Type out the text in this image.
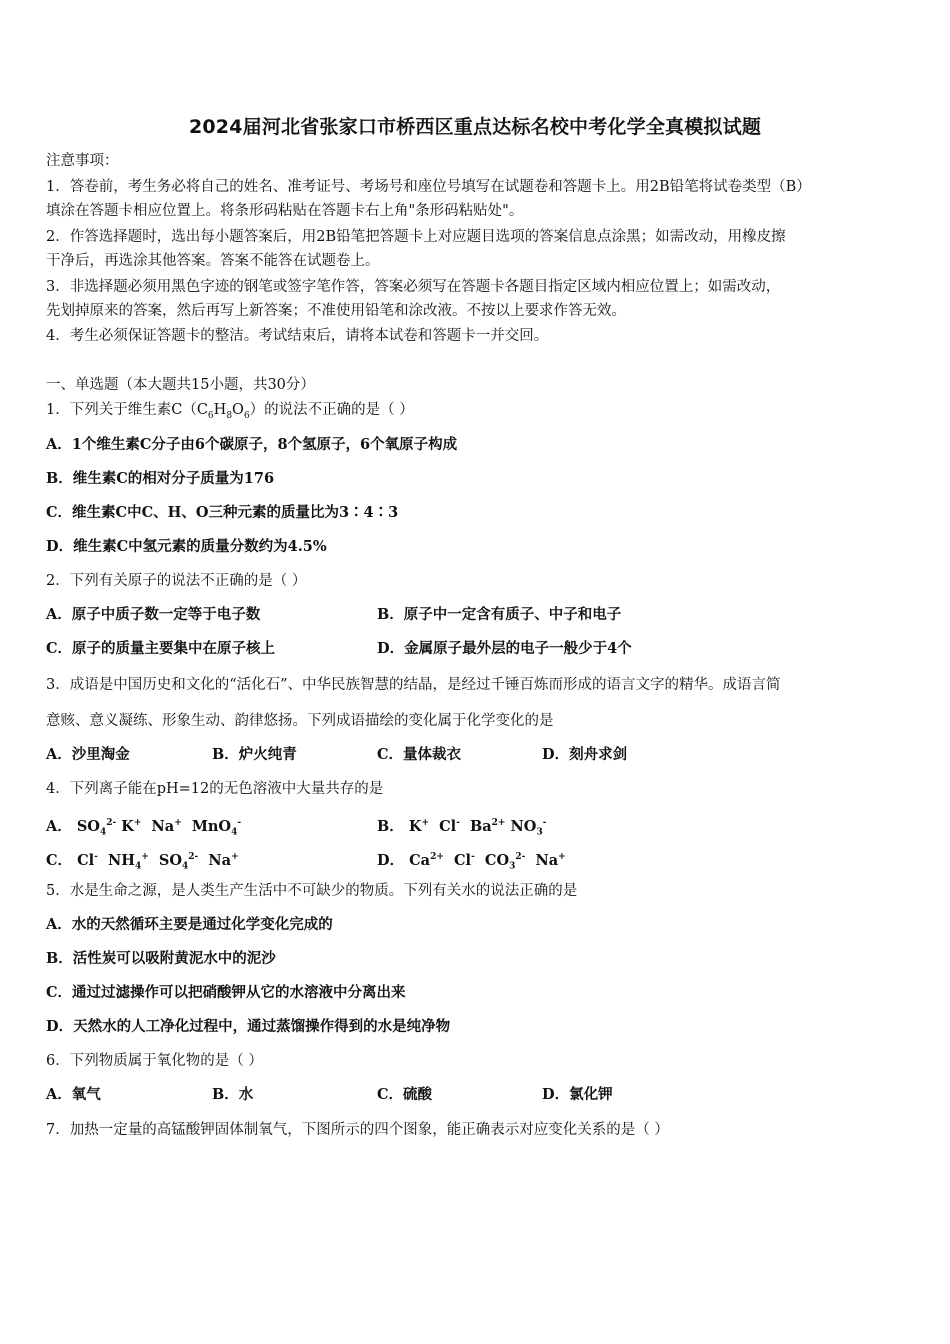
2024届河北省张家口市桥西区重点达标名校中考化学全真模拟试题
注意事项：
1．答卷前，考生务必将自己的姓名、准考证号、考场号和座位号填写在试题卷和答题卡上。用2B铅笔将试卷类型（B）
填涂在答题卡相应位置上。将条形码粘贴在答题卡右上角"条形码粘贴处"。
2．作答选择题时，选出每小题答案后，用2B铅笔把答题卡上对应题目选项的答案信息点涂黑；如需改动，用橡皮擦
干净后，再选涂其他答案。答案不能答在试题卷上。
3．非选择题必须用黑色字迹的钢笔或签字笔作答，答案必须写在答题卡各题目指定区域内相应位置上；如需改动，
先划掉原来的答案，然后再写上新答案；不准使用铅笔和涂改液。不按以上要求作答无效。
4．考生必须保证答题卡的整洁。考试结束后，请将本试卷和答题卡一并交回。
一、单选题（本大题共15小题，共30分）
1．下列关于维生素$C(C_6H_8O_6)$的说法不正确的是（ ）
A．1个维生素C分子由6个碳原子，8个氢原子，6个氧原子构成
B．维生素C的相对分子质量为176
C．维生素C中C、H、O三种元素的质量比为3∶4∶3
D．维生素C中氢元素的质量分数约为4.5%
2．下列有关原子的说法不正确的是（ ）
A．原子中质子数一定等于电子数	B．原子中一定含有质子、中子和电子
C．原子的质量主要集中在原子核上	D．金属原子最外层的电子一般少于4个
3．成语是中国历史和文化的“活化石”、中华民族智慧的结晶，是经过千锤百炼而形成的语言文字的精华。成语言简
意赅、意义凝练、形象生动、韵律悠扬。下列成语描绘的变化属于化学变化的是
A．沙里淘金	B．炉火纯青	C．量体裁衣	D．刻舟求剑
4．下列离子能在pH=12的无色溶液中大量共存的是
A． $SO_4^{2-}$ K+ Na+ MnO$_4$-	B． K+ Cl- $Ba^{2+}$ $NO_3^-$
C． Cl- $NH_4^+$ $SO_4^{2-}$ Na+	D． $Ca^{2+}$ Cl- $CO_3^{2-}$ Na+
5．水是生命之源，是人类生产生活中不可缺少的物质。下列有关水的说法正确的是
A．水的天然循环主要是通过化学变化完成的
B．活性炭可以吸附黄泥水中的泥沙
C．通过过滤操作可以把硝酸钾从它的水溶液中分离出来
D．天然水的人工净化过程中，通过蒸馏操作得到的水是纯净物
6．下列物质属于氧化物的是（ ）
A．氧气	B．水	C．硫酸	D．氯化钾
7．加热一定量的高锰酸钾固体制氧气，下图所示的四个图象，能正确表示对应变化关系的是（ ）
